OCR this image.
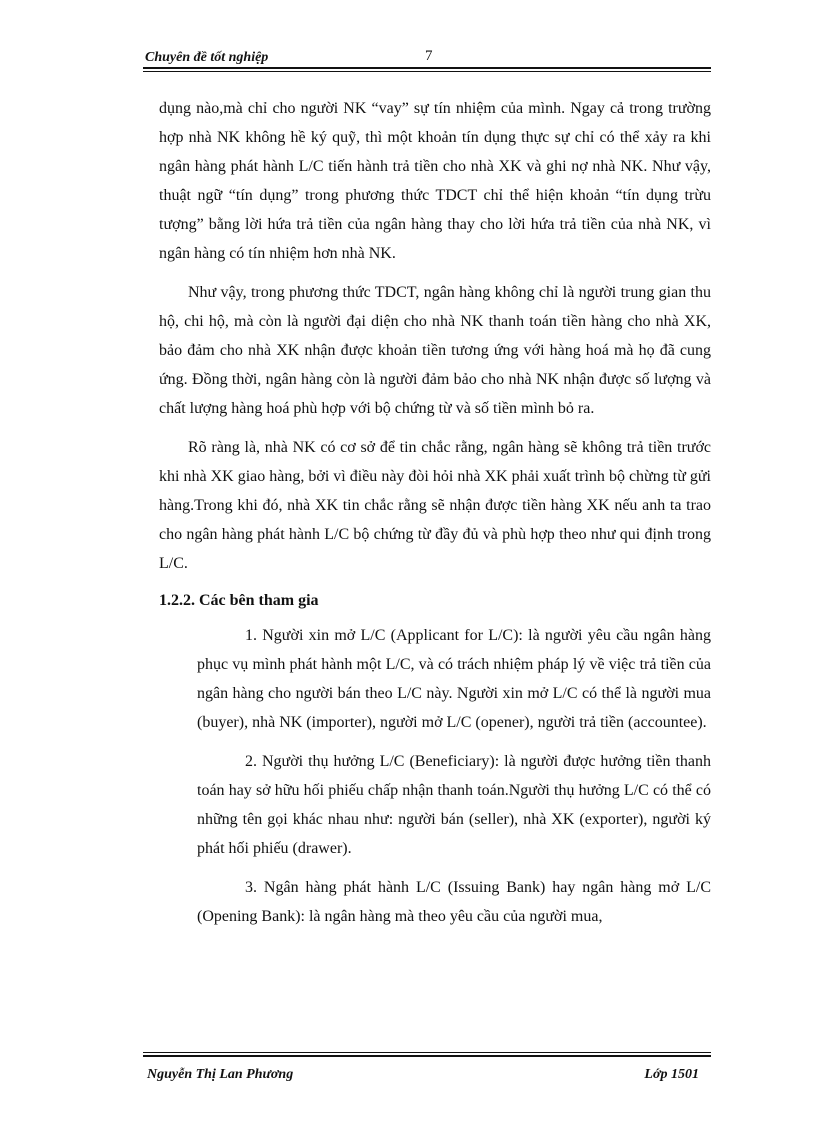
Chuyên đề tốt nghiệp	7

dụng nào,mà chỉ cho người NK “vay” sự tín nhiệm của mình. Ngay cả trong trường hợp nhà NK không hề ký quỹ, thì một khoản tín dụng thực sự chỉ có thể xảy ra khi ngân hàng phát hành L/C tiến hành trả tiền cho nhà XK và ghi nợ nhà NK. Như vậy, thuật ngữ “tín dụng” trong phương thức TDCT chỉ thể hiện khoản “tín dụng trừu tượng” bằng lời hứa trả tiền của ngân hàng thay cho lời hứa trả tiền của nhà NK, vì ngân hàng có tín nhiệm hơn nhà NK.

Như vậy, trong phương thức TDCT, ngân hàng không chỉ là người trung gian thu hộ, chi hộ, mà còn là người đại diện cho nhà NK thanh toán tiền hàng cho nhà XK, bảo đảm cho nhà XK nhận được khoản tiền tương ứng với hàng hoá mà họ đã cung ứng. Đồng thời, ngân hàng còn là người đảm bảo cho nhà NK nhận được số lượng và chất lượng hàng hoá phù hợp với bộ chứng từ và số tiền mình bỏ ra.

Rõ ràng là, nhà NK có cơ sở để tin chắc rằng, ngân hàng sẽ không trả tiền trước khi nhà XK giao hàng, bởi vì điều này đòi hỏi nhà XK phải xuất trình bộ chừng từ gửi hàng.Trong khi đó, nhà XK tin chắc rằng sẽ nhận được tiền hàng XK nếu anh ta trao cho ngân hàng phát hành L/C bộ chứng từ đầy đủ và phù hợp theo như qui định trong L/C.

1.2.2. Các bên tham gia

1. Người xin mở L/C (Applicant for L/C): là người yêu cầu ngân hàng phục vụ mình phát hành một L/C, và có trách nhiệm pháp lý về việc trả tiền của ngân hàng cho người bán theo L/C này. Người xin mở L/C có thể là người mua (buyer), nhà NK (importer), người mở L/C (opener), người trả tiền (accountee).

2. Người thụ hưởng L/C (Beneficiary): là người được hưởng tiền thanh toán hay sở hữu hối phiếu chấp nhận thanh toán.Người thụ hưởng L/C có thể có những tên gọi khác nhau như: người bán (seller), nhà XK (exporter), người ký phát hối phiếu (drawer).

3. Ngân hàng phát hành L/C (Issuing Bank) hay ngân hàng mở L/C (Opening Bank): là ngân hàng mà theo yêu cầu của người mua,

Nguyễn Thị Lan Phương	Lớp 1501
